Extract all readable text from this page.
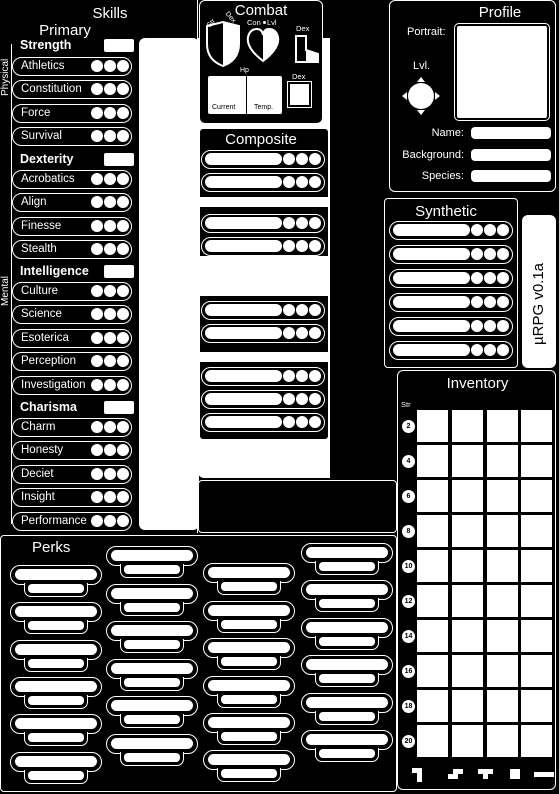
Skills
Primary
Physical
Mental
Strength
Athletics
Constitution
Force
Survival
Dexterity
Acrobatics
Align
Finesse
Stealth
Intelligence
Culture
Science
Esoterica
Perception
Investigation
Charisma
Charm
Honesty
Deciet
Insight
Performance
Combat
Str Dex Con Lvl
Dex
Hp
Current	Temp.
Dex
Composite
Profile
Portrait:
Lvl.
Name:
Background:
Species:
Synthetic
µRPG v0.1a
Inventory
Str
2
4
6
8
10
12
14
16
18
20
Perks
